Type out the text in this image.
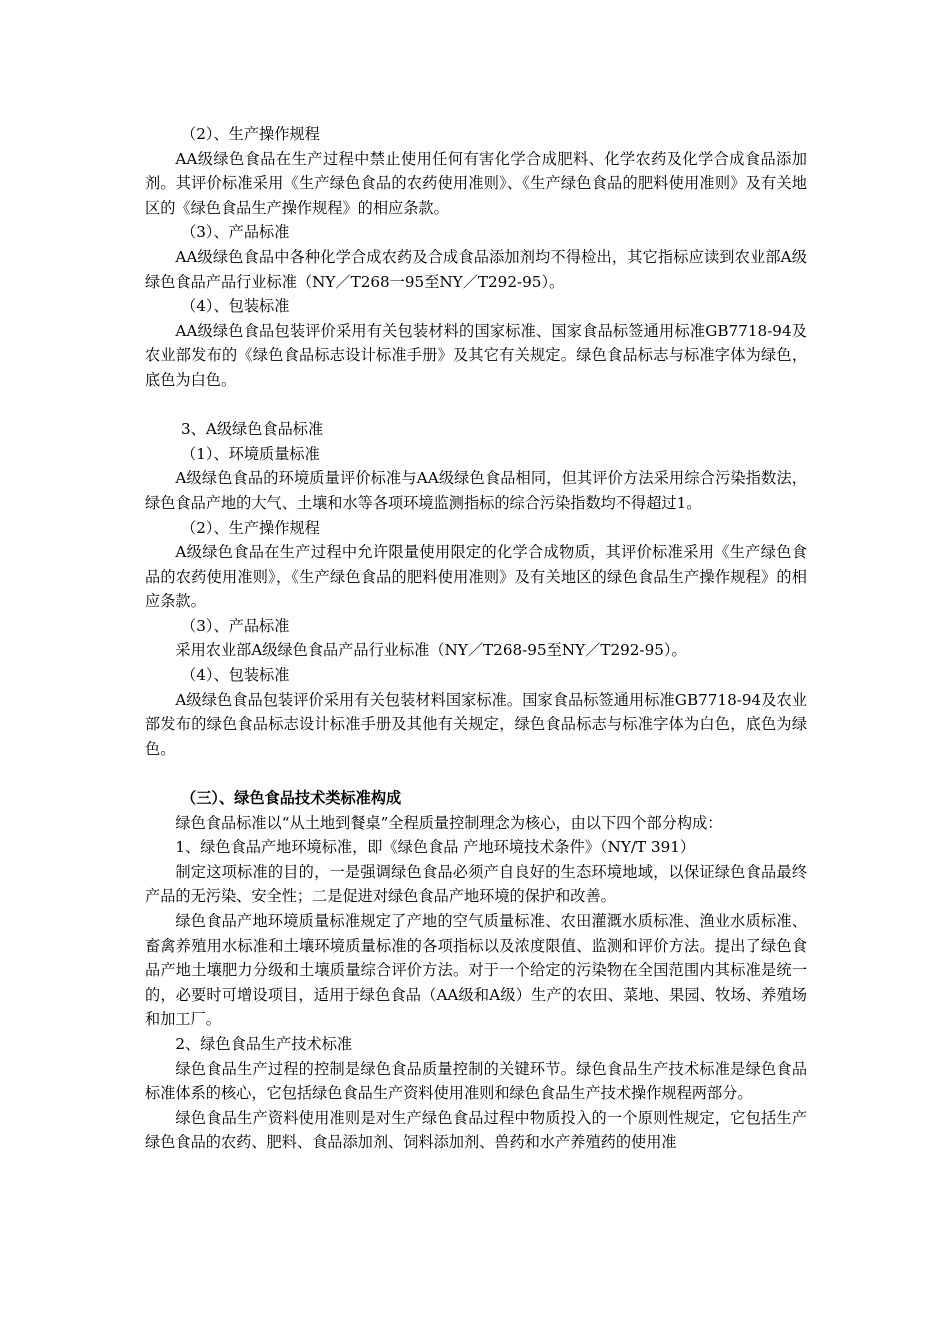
（2）、生产操作规程

AA级绿色食品在生产过程中禁止使用任何有害化学合成肥料、化学农药及化学合成食品添加剂。其评价标准采用《生产绿色食品的农药使用准则》、《生产绿色食品的肥料使用准则》及有关地区的《绿色食品生产操作规程》的相应条款。

（3）、产品标准

AA级绿色食品中各种化学合成农药及合成食品添加剂均不得检出，其它指标应读到农业部A级绿色食品产品行业标准（NY／T268一95至NY／T292-95）。

（4）、包装标准

AA级绿色食品包装评价采用有关包装材料的国家标准、国家食品标签通用标准GB7718-94及农业部发布的《绿色食品标志设计标准手册》及其它有关规定。绿色食品标志与标准字体为绿色，底色为白色。

3、A级绿色食品标准

（1）、环境质量标准

A级绿色食品的环境质量评价标准与AA级绿色食品相同，但其评价方法采用综合污染指数法，绿色食品产地的大气、土壤和水等各项环境监测指标的综合污染指数均不得超过1。

（2）、生产操作规程

A级绿色食品在生产过程中允许限量使用限定的化学合成物质，其评价标准采用《生产绿色食品的农药使用准则》，《生产绿色食品的肥料使用准则》及有关地区的绿色食品生产操作规程》的相应条款。

（3）、产品标准

采用农业部A级绿色食品产品行业标准（NY／T268-95至NY／T292-95）。

（4）、包装标准

A级绿色食品包装评价采用有关包装材料国家标准。国家食品标签通用标准GB7718-94及农业部发布的绿色食品标志设计标准手册及其他有关规定，绿色食品标志与标准字体为白色，底色为绿色。

（三）、绿色食品技术类标准构成

绿色食品标准以“从土地到餐桌”全程质量控制理念为核心，由以下四个部分构成：

1、绿色食品产地环境标准，即《绿色食品 产地环境技术条件》（NY/T 391）

制定这项标准的目的，一是强调绿色食品必须产自良好的生态环境地域，以保证绿色食品最终产品的无污染、安全性；二是促进对绿色食品产地环境的保护和改善。

绿色食品产地环境质量标准规定了产地的空气质量标准、农田灌溉水质标准、渔业水质标准、畜禽养殖用水标准和土壤环境质量标准的各项指标以及浓度限值、监测和评价方法。提出了绿色食品产地土壤肥力分级和土壤质量综合评价方法。对于一个给定的污染物在全国范围内其标准是统一的，必要时可增设项目，适用于绿色食品（AA级和A级）生产的农田、菜地、果园、牧场、养殖场和加工厂。

2、绿色食品生产技术标准

绿色食品生产过程的控制是绿色食品质量控制的关键环节。绿色食品生产技术标准是绿色食品标准体系的核心，它包括绿色食品生产资料使用准则和绿色食品生产技术操作规程两部分。

绿色食品生产资料使用准则是对生产绿色食品过程中物质投入的一个原则性规定，它包括生产绿色食品的农药、肥料、食品添加剂、饲料添加剂、兽药和水产养殖药的使用准
